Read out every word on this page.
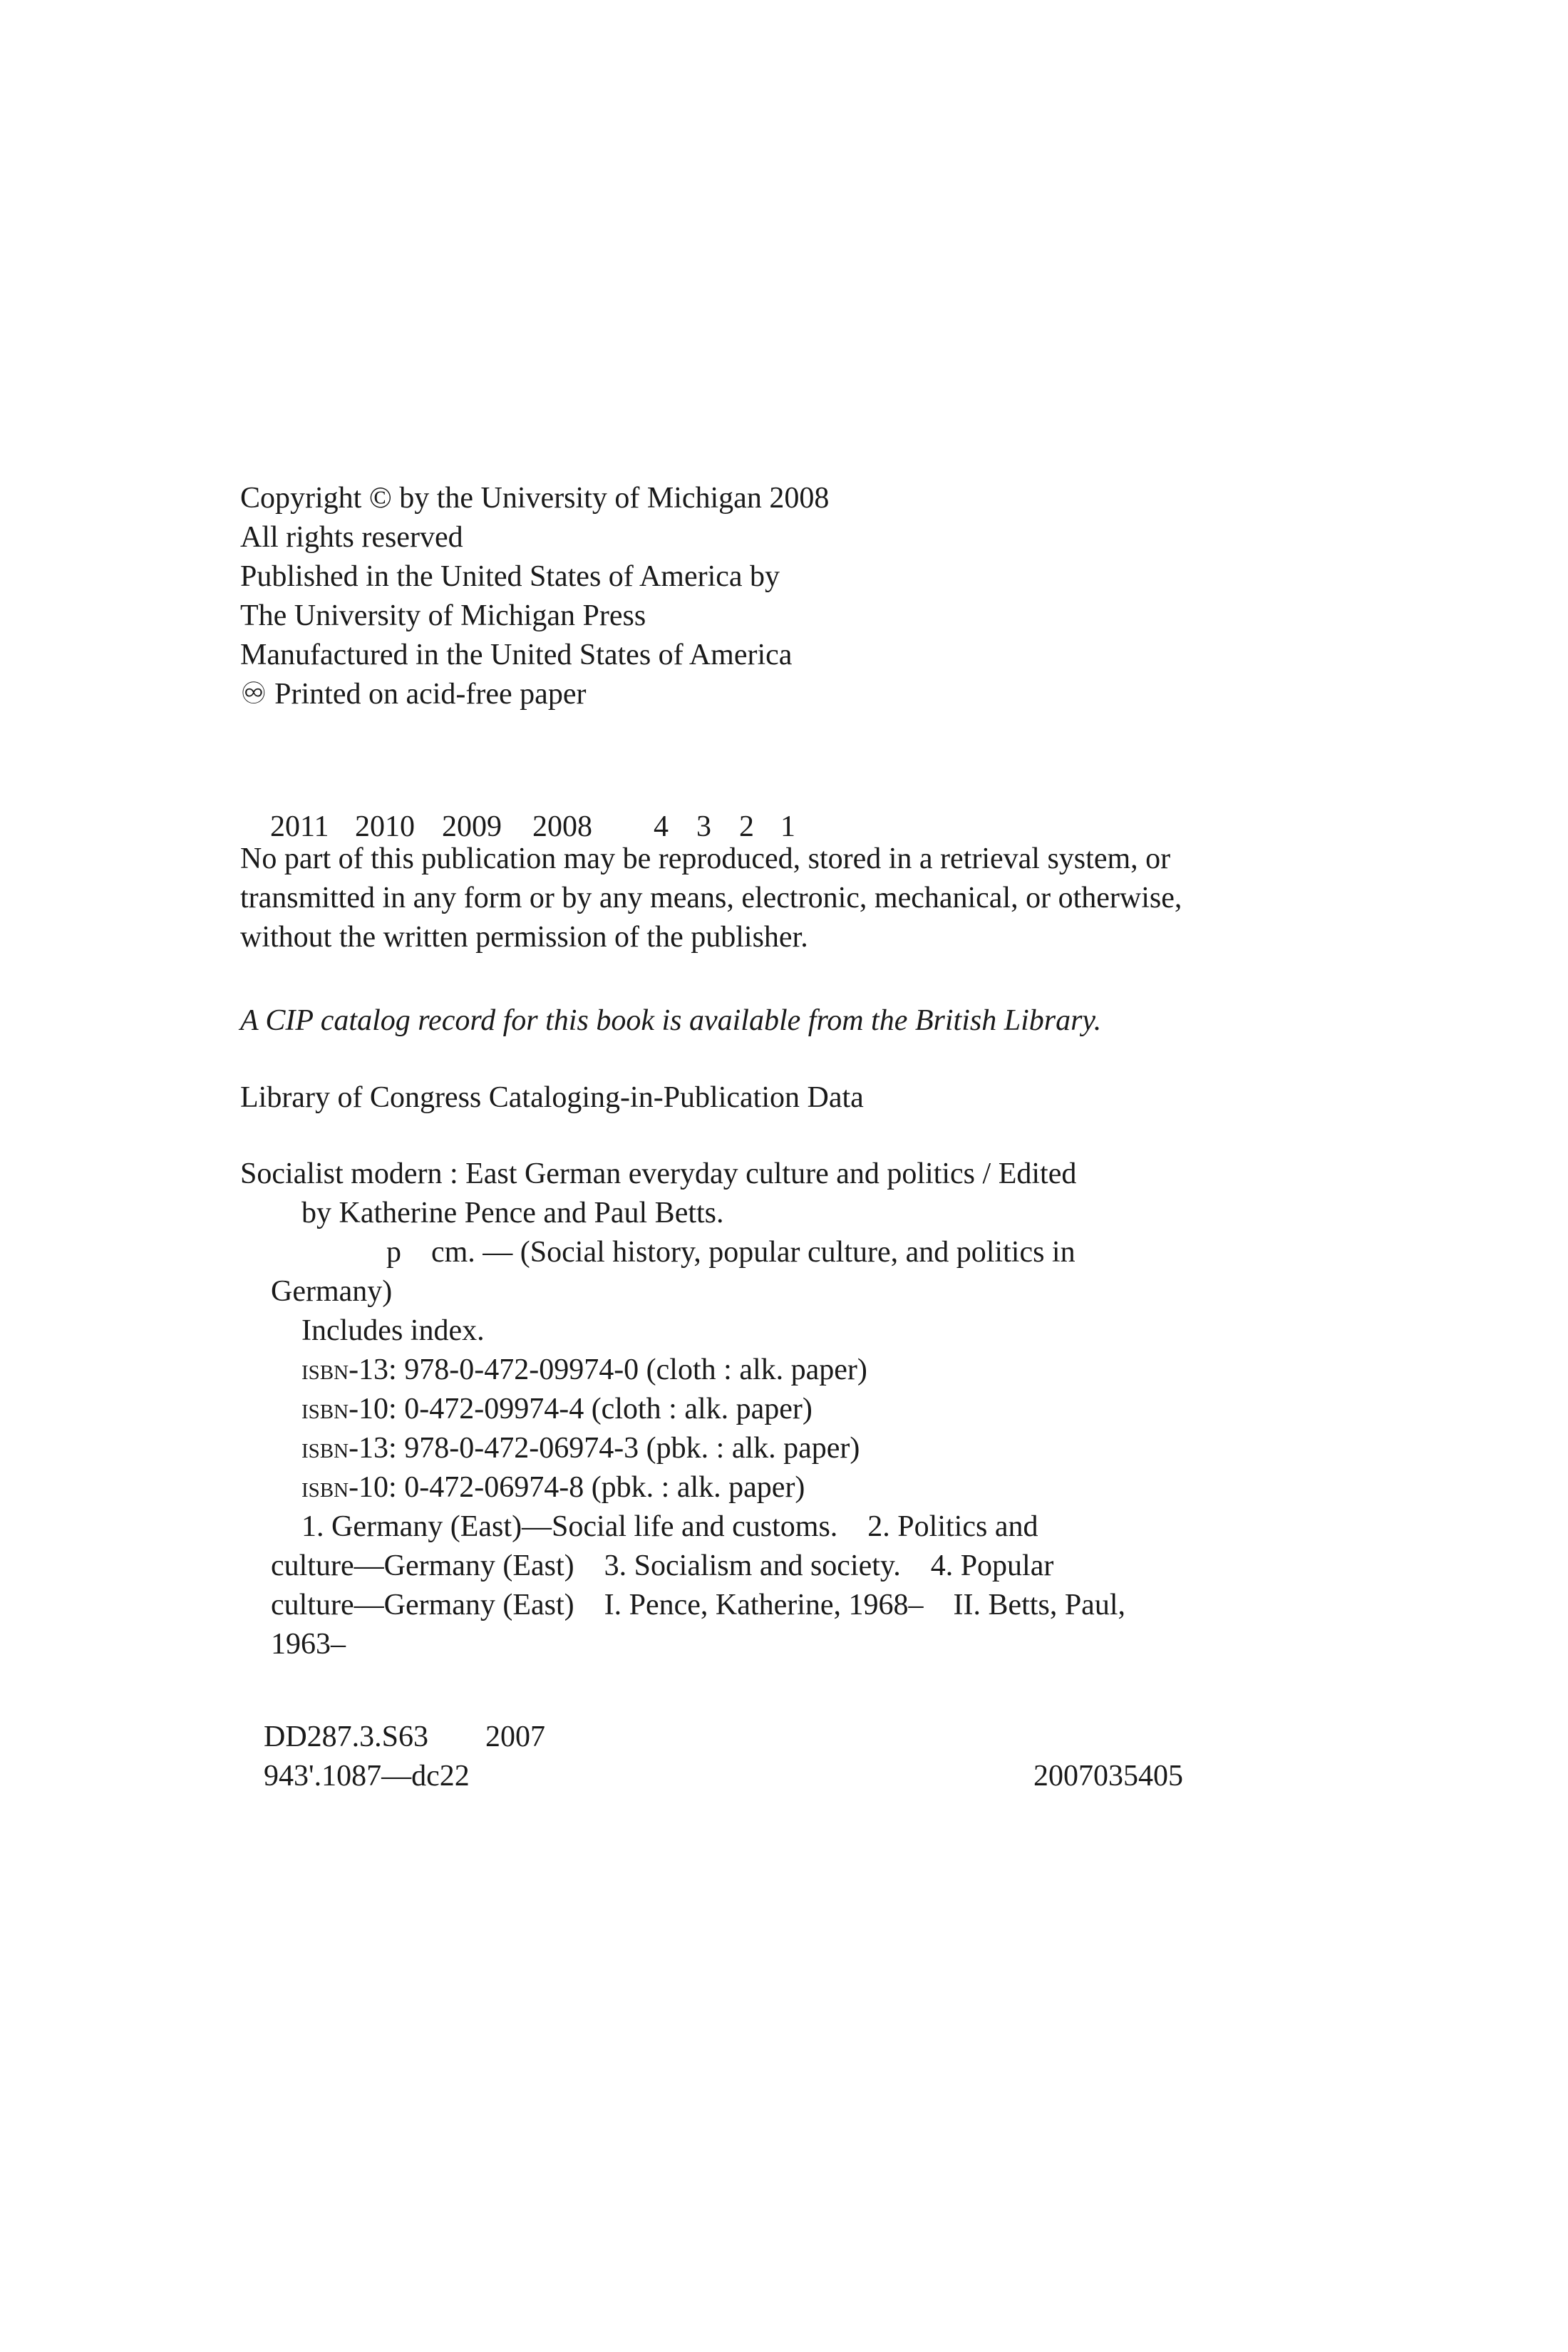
Copyright © by the University of Michigan 2008
All rights reserved
Published in the United States of America by
The University of Michigan Press
Manufactured in the United States of America
♾ Printed on acid-free paper

2011 2010 2009 2008 4 3 2 1

No part of this publication may be reproduced, stored in a retrieval system, or
transmitted in any form or by any means, electronic, mechanical, or otherwise,
without the written permission of the publisher.
A CIP catalog record for this book is available from the British Library.
Library of Congress Cataloging-in-Publication Data
Socialist modern : East German everyday culture and politics / Edited
by Katherine Pence and Paul Betts.
p    cm. — (Social history, popular culture, and politics in
Germany)
Includes index.
isbn-13: 978-0-472-09974-0 (cloth : alk. paper)
isbn-10: 0-472-09974-4 (cloth : alk. paper)
isbn-13: 978-0-472-06974-3 (pbk. : alk. paper)
isbn-10: 0-472-06974-8 (pbk. : alk. paper)
1. Germany (East)—Social life and customs.    2. Politics and
culture—Germany (East)    3. Socialism and society.    4. Popular
culture—Germany (East)    I. Pence, Katherine, 1968–    II. Betts, Paul,
1963–
DD287.3.S63 2007
943'.1087—dc22	2007035405
